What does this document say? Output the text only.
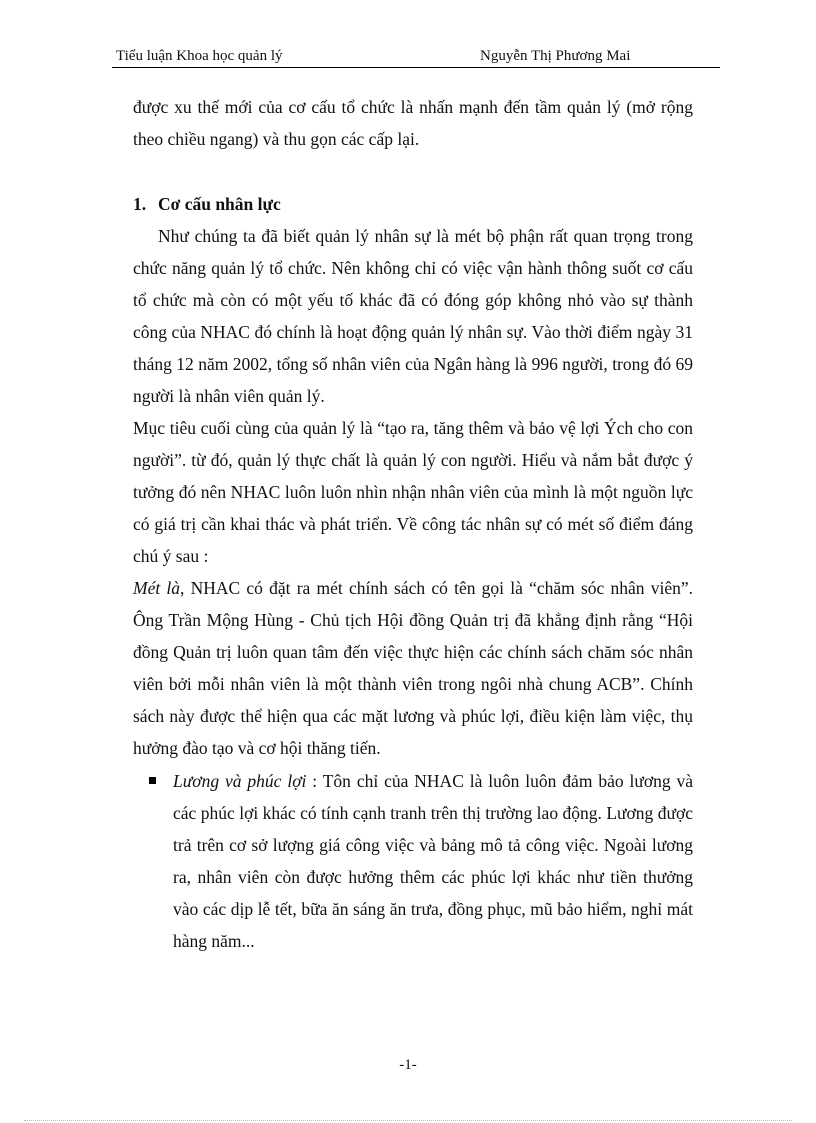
Tiểu luận Khoa học quản lý	Nguyễn Thị Phương Mai

được xu thế mới của cơ cấu tổ chức là nhấn mạnh đến tầm quản lý (mở rộng theo chiều ngang) và thu gọn các cấp lại.

1. Cơ cấu nhân lực

Như chúng ta đã biết quản lý nhân sự là mét bộ phận rất quan trọng trong chức năng quản lý tổ chức. Nên không chỉ có việc vận hành thông suốt cơ cấu tổ chức mà còn có một yếu tố khác đã có đóng góp không nhỏ vào sự thành công của NHAC đó chính là hoạt động quản lý nhân sự. Vào thời điểm ngày 31 tháng 12 năm 2002, tổng số nhân viên của Ngân hàng là 996 người, trong đó 69 người là nhân viên quản lý.

Mục tiêu cuối cùng của quản lý là “tạo ra, tăng thêm và bảo vệ lợi Ých cho con người”. từ đó, quản lý thực chất là quản lý con người. Hiểu và nắm bắt được ý tưởng đó nên NHAC luôn luôn nhìn nhận nhân viên của mình là một nguồn lực có giá trị cần khai thác và phát triển. Về công tác nhân sự có mét số điểm đáng chú ý sau :

Mét là, NHAC có đặt ra mét chính sách có tên gọi là “chăm sóc nhân viên”. Ông Trần Mộng Hùng - Chủ tịch Hội đồng Quản trị đã khẳng định rằng “Hội đồng Quản trị luôn quan tâm đến việc thực hiện các chính sách chăm sóc nhân viên bởi mỗi nhân viên là một thành viên trong ngôi nhà chung ACB”. Chính sách này được thể hiện qua các mặt lương và phúc lợi, điều kiện làm việc, thụ hưởng đào tạo và cơ hội thăng tiến.

Lương và phúc lợi : Tôn chỉ của NHAC là luôn luôn đảm bảo lương và các phúc lợi khác có tính cạnh tranh trên thị trường lao động. Lương được trả trên cơ sở lượng giá công việc và bảng mô tả công việc. Ngoài lương ra, nhân viên còn được hưởng thêm các phúc lợi khác như tiền thưởng vào các dịp lễ tết, bữa ăn sáng ăn trưa, đồng phục, mũ bảo hiểm, nghỉ mát hàng năm...

-1-
